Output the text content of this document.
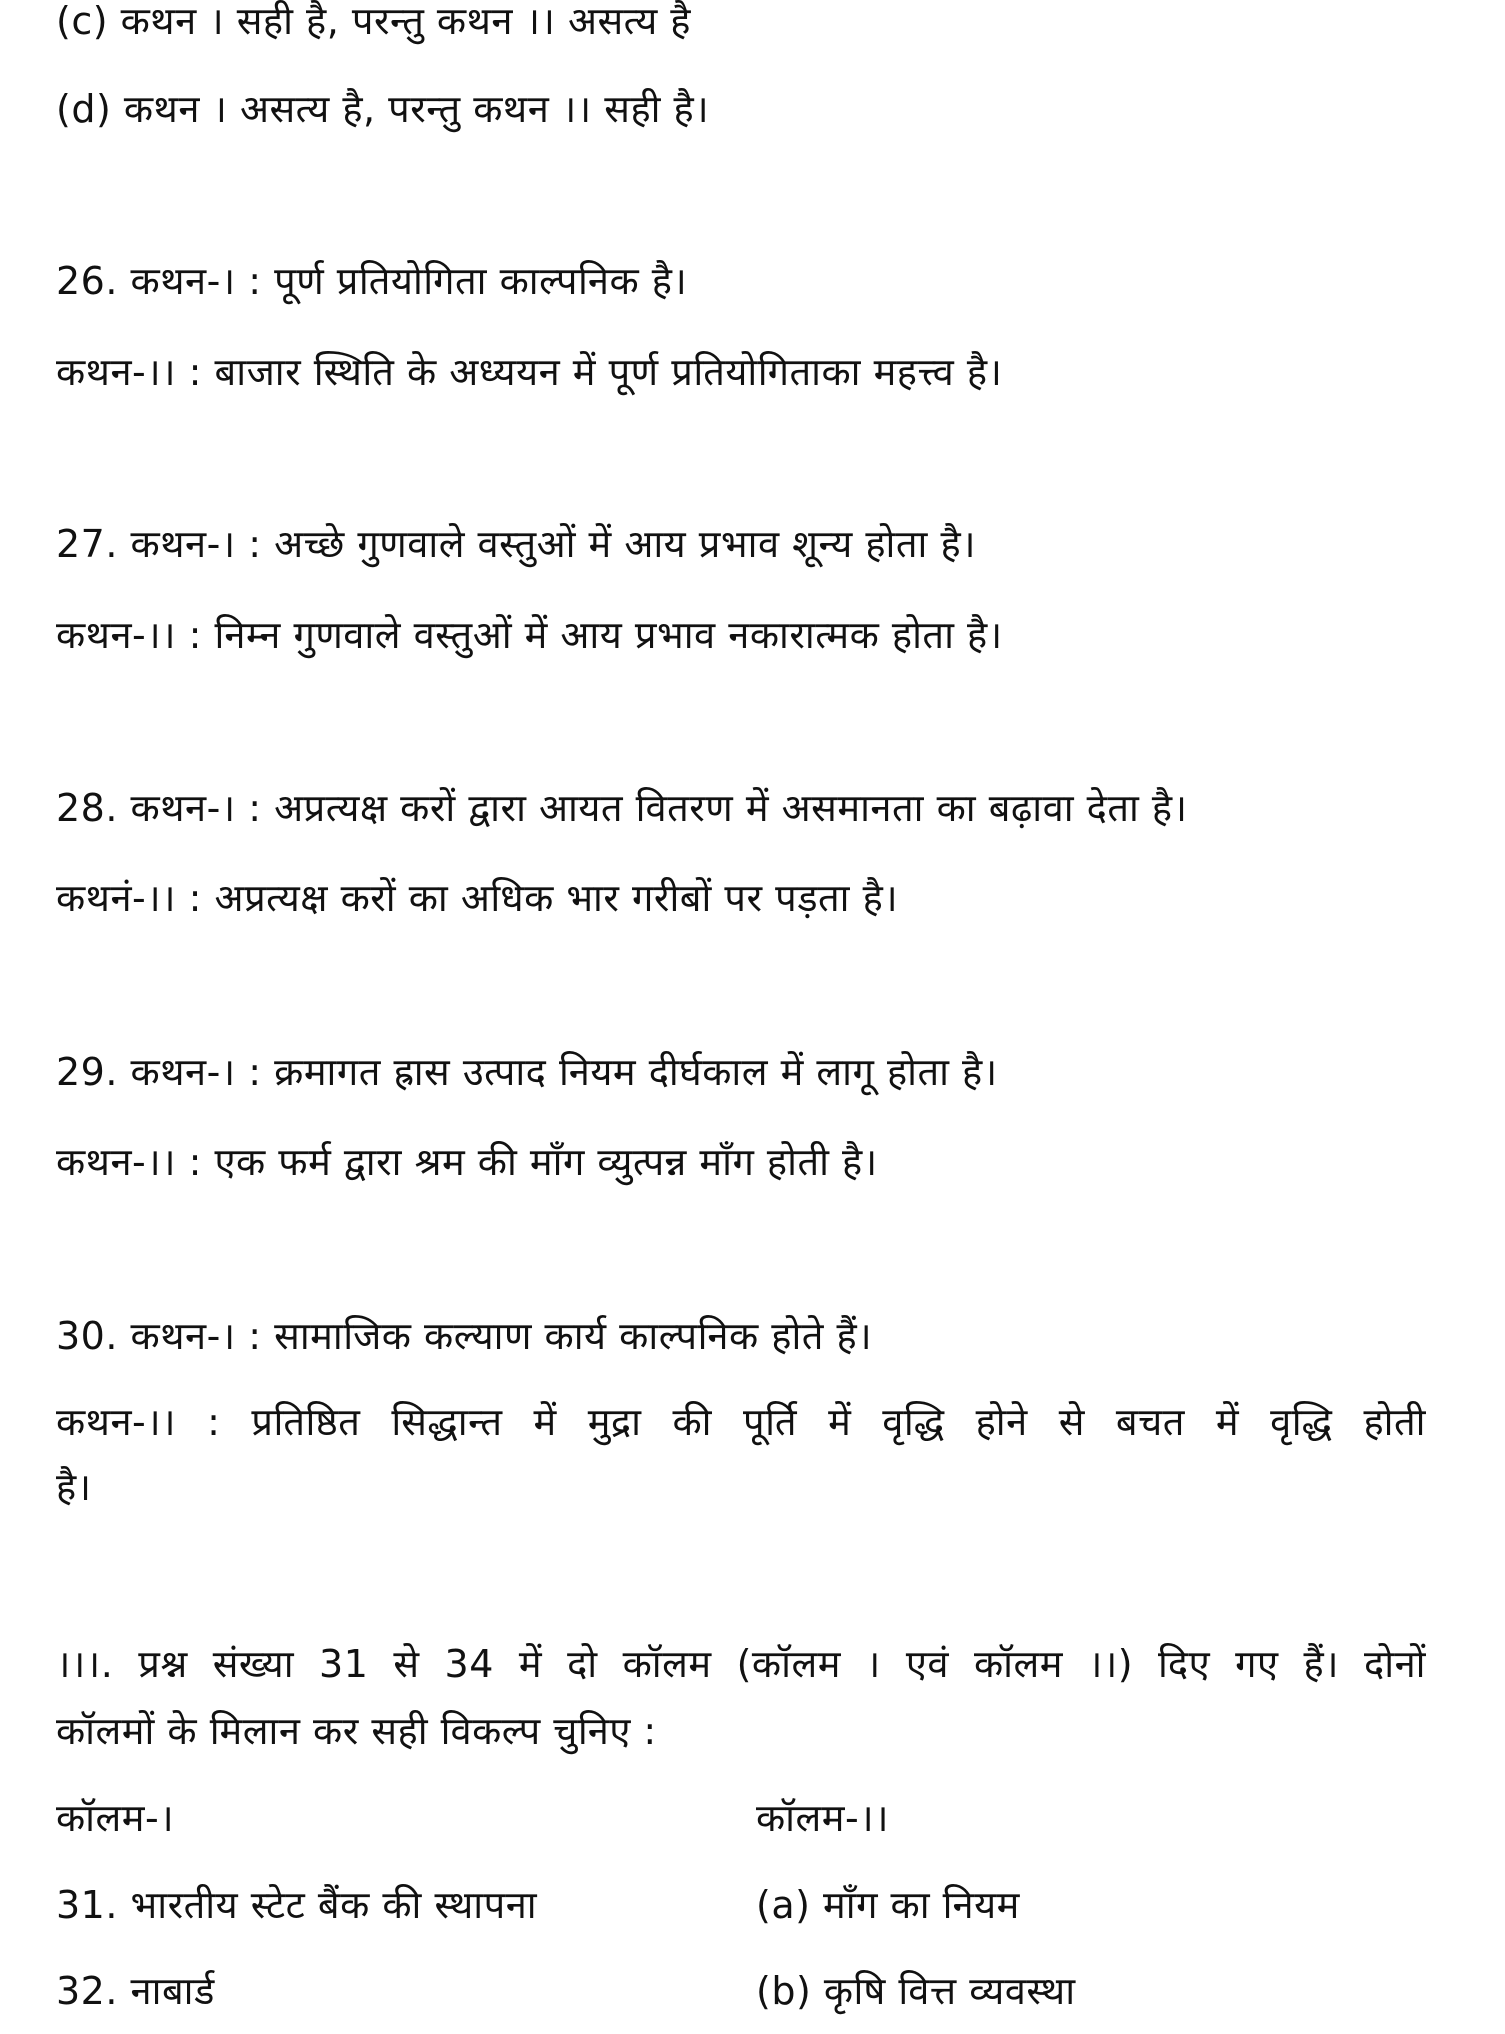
(c) कथन । सही है, परन्तु कथन ।। असत्य है
(d) कथन । असत्य है, परन्तु कथन ।। सही है।
26. कथन-। : पूर्ण प्रतियोगिता काल्पनिक है।
कथन-।। : बाजार स्थिति के अध्ययन में पूर्ण प्रतियोगिताका महत्त्व है।
27. कथन-। : अच्छे गुणवाले वस्तुओं में आय प्रभाव शून्य होता है।
कथन-।। : निम्न गुणवाले वस्तुओं में आय प्रभाव नकारात्मक होता है।
28. कथन-। : अप्रत्यक्ष करों द्वारा आयत वितरण में असमानता का बढ़ावा देता है।
कथनं-।। : अप्रत्यक्ष करों का अधिक भार गरीबों पर पड़ता है।
29. कथन-। : क्रमागत ह्रास उत्पाद नियम दीर्घकाल में लागू होता है।
कथन-।। : एक फर्म द्वारा श्रम की माँग व्युत्पन्न माँग होती है।
30. कथन-। : सामाजिक कल्याण कार्य काल्पनिक होते हैं।
कथन-।। : प्रतिष्ठित सिद्धान्त में मुद्रा की पूर्ति में वृद्धि होने से बचत में वृद्धि होती
है।
।।।. प्रश्न संख्या 31 से 34 में दो कॉलम (कॉलम । एवं कॉलम ।।) दिए गए हैं। दोनों
कॉलमों के मिलान कर सही विकल्प चुनिए :
कॉलम-।	कॉलम-।।
31. भारतीय स्टेट बैंक की स्थापना	(a) माँग का नियम
32. नाबार्ड	(b) कृषि वित्त व्यवस्था
